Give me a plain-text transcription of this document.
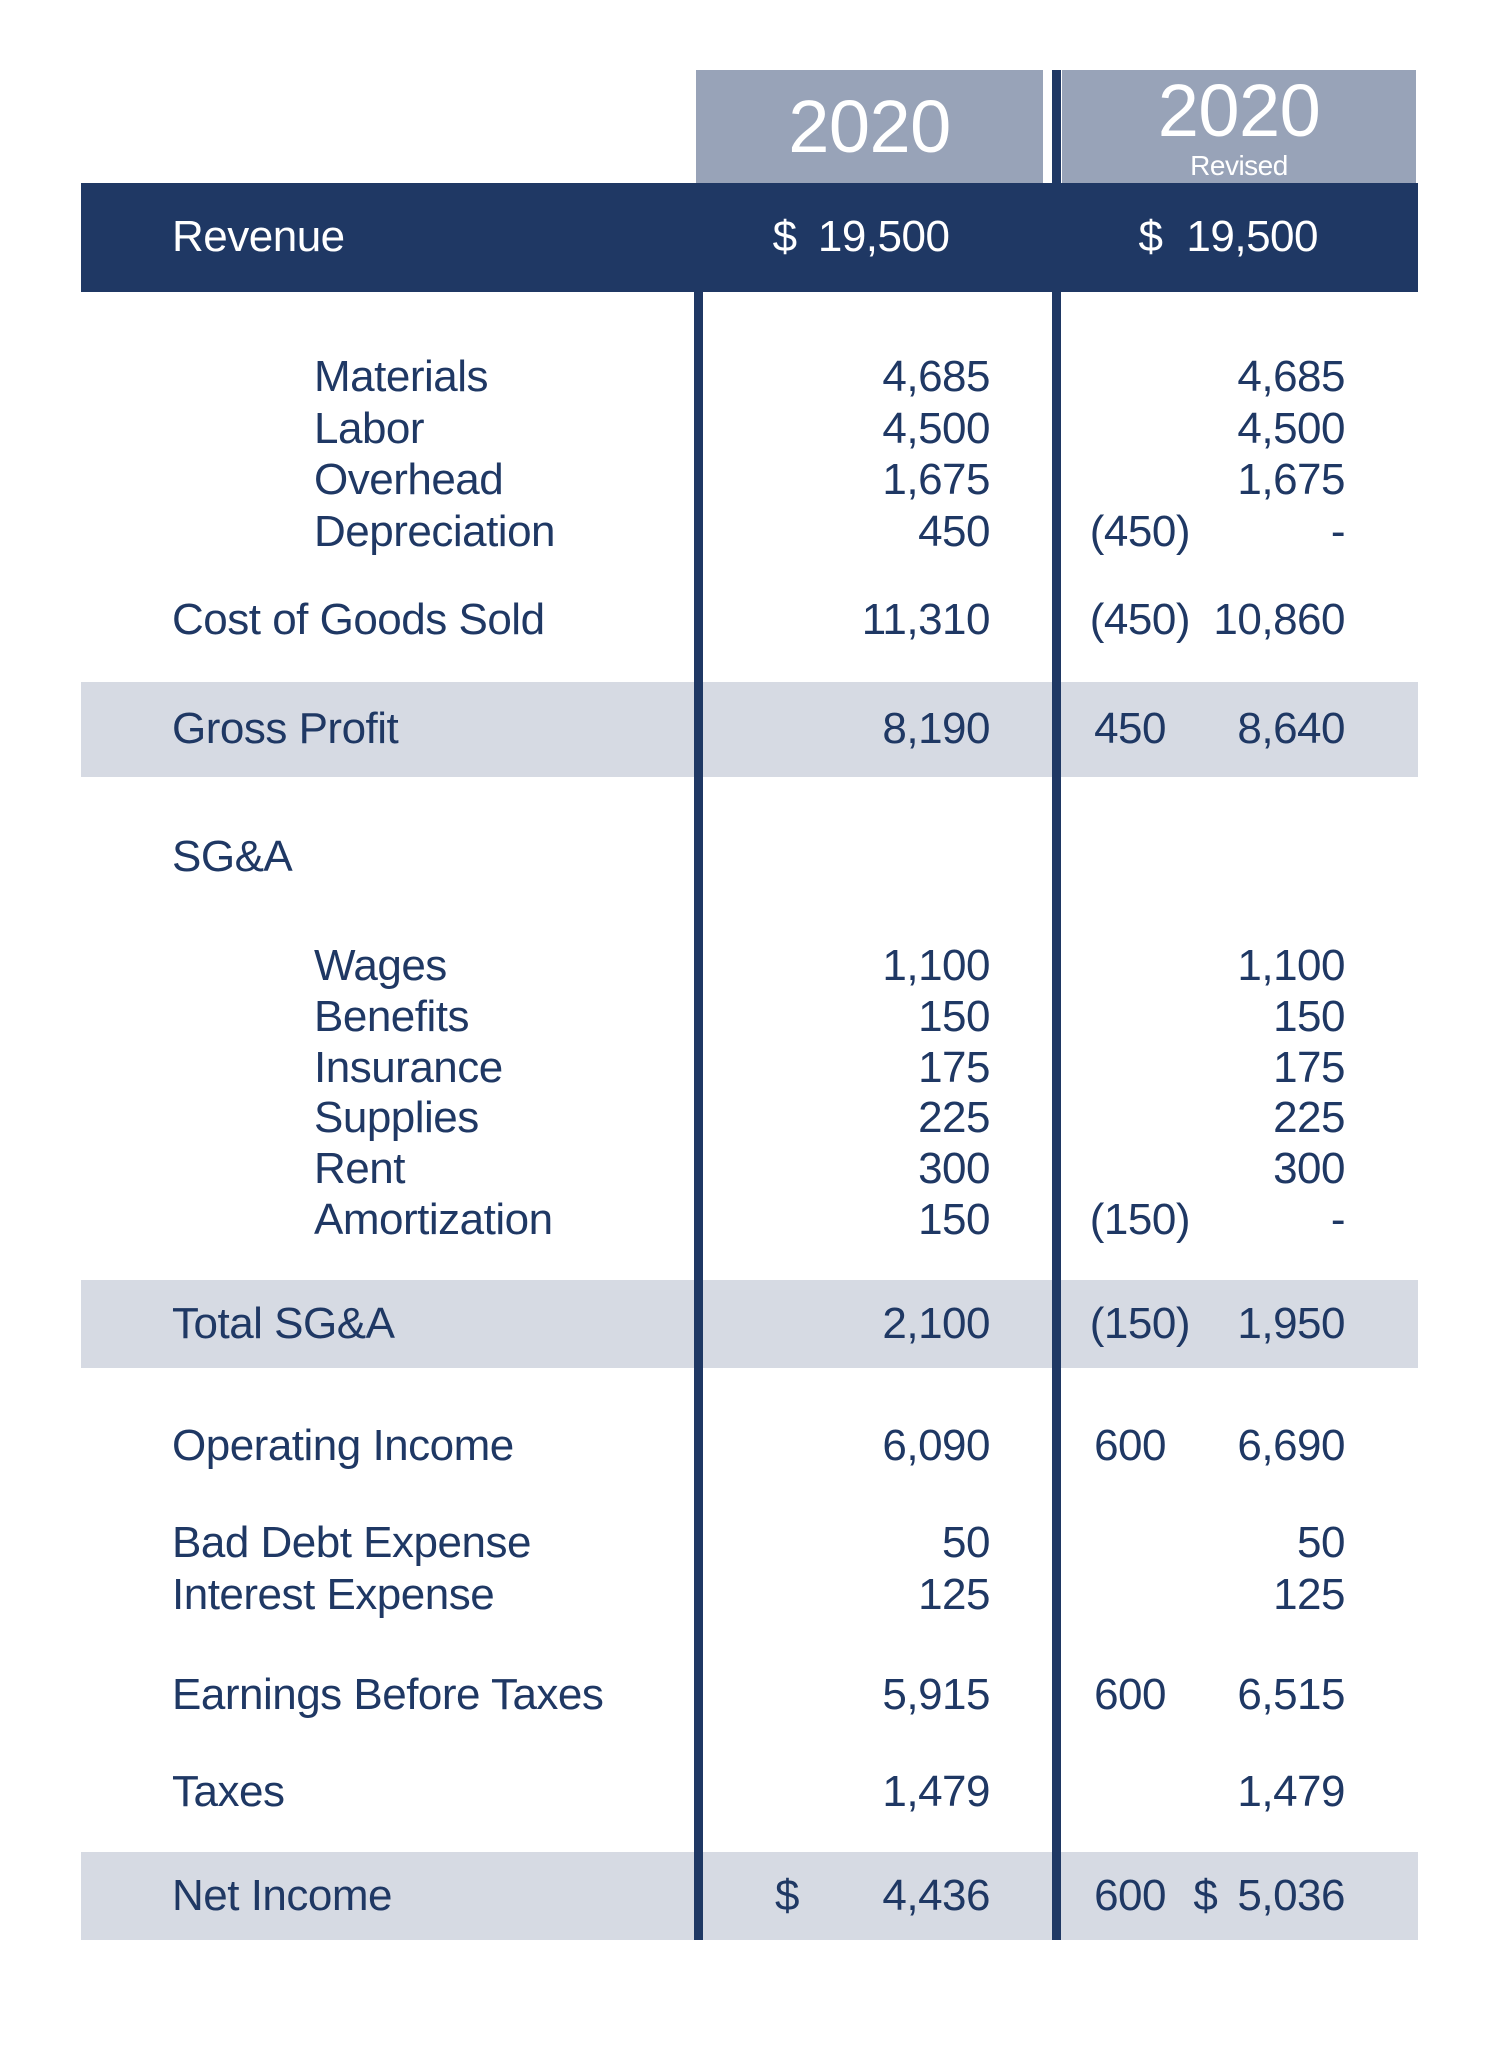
2020	2020
Revised
Revenue	$ 19,500	$ 19,500
Materials	4,685	4,685
Labor	4,500	4,500
Overhead	1,675	1,675
Depreciation	450	(450)	-
Cost of Goods Sold	11,310	(450) 10,860
Gross Profit	8,190	450	8,640
SG&A
Wages	1,100	1,100
Benefits	150	150
Insurance	175	175
Supplies	225	225
Rent	300	300
Amortization	150	(150)	-
Total SG&A	2,100	(150)	1,950
Operating Income	6,090	600	6,690
Bad Debt Expense	50	50
Interest Expense	125	125
Earnings Before Taxes	5,915	600	6,515
Taxes	1,479	1,479
Net Income	$ 4,436	600 $ 5,036
